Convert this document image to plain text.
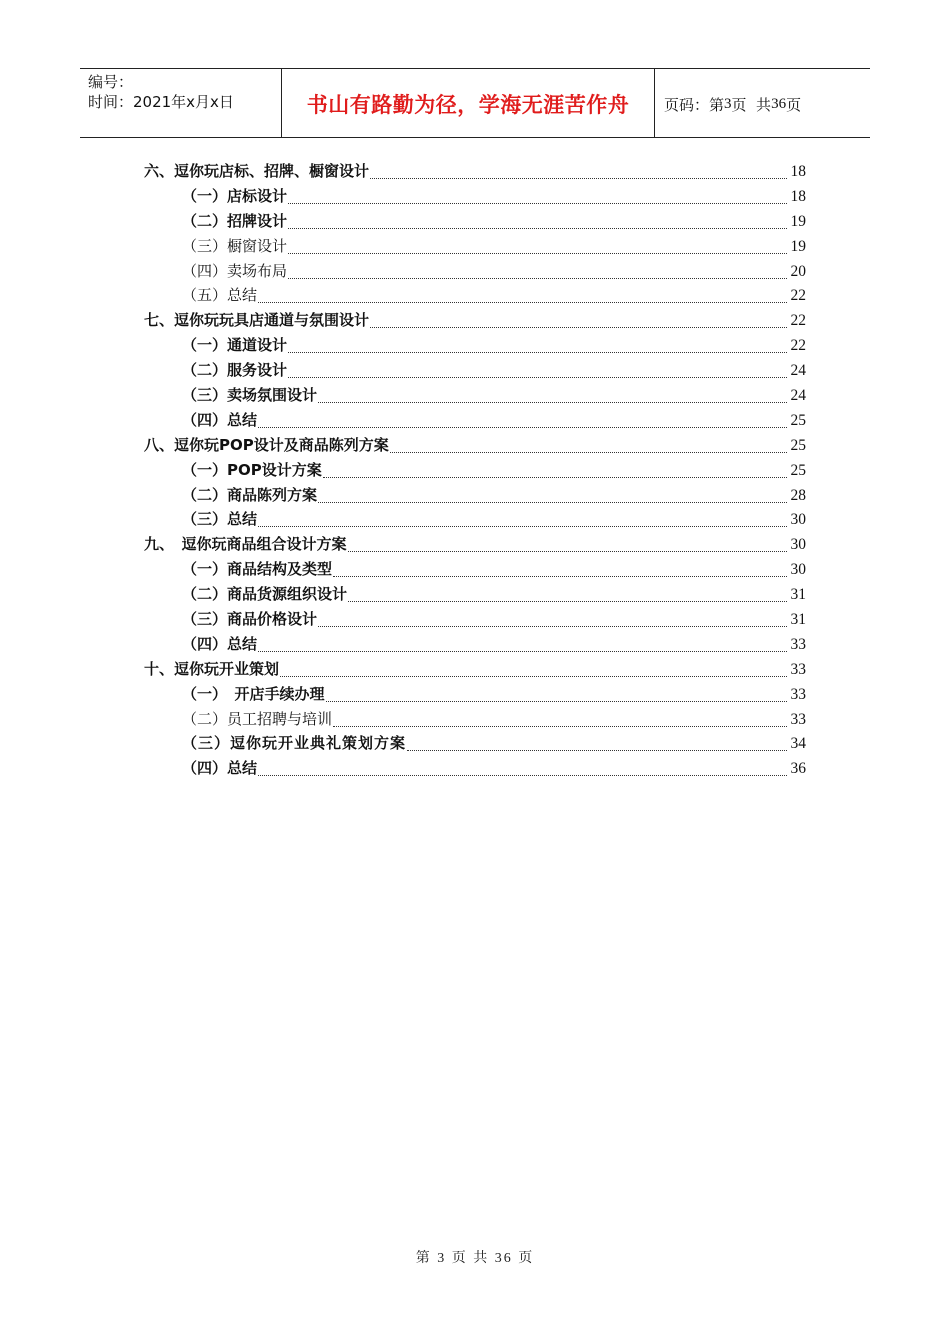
编号：
时间：2021年x月x日	书山有路勤为径，学海无涯苦作舟 页码：第 3 页  共 36 页
六、逗你玩店标、招牌、橱窗设计	18
（一）店标设计	18
（二）招牌设计	19
（三）橱窗设计	19
（四）卖场布局	20
（五）总结	22
七、逗你玩玩具店通道与氛围设计	22
（一）通道设计	22
（二）服务设计	24
（三）卖场氛围设计	24
（四）总结	25
八、逗你玩POP设计及商品陈列方案	25
（一）POP设计方案	25
（二）商品陈列方案	28
（三）总结	30
九、　逗你玩商品组合设计方案	30
（一）商品结构及类型	30
（二）商品货源组织设计	31
（三）商品价格设计	31
（四）总结	33
十、逗你玩开业策划	33
（一）　开店手续办理	33
（二）员工招聘与培训	33
（三）逗你玩开业典礼策划方案	34
（四）总结	36
第 3 页 共 36 页
